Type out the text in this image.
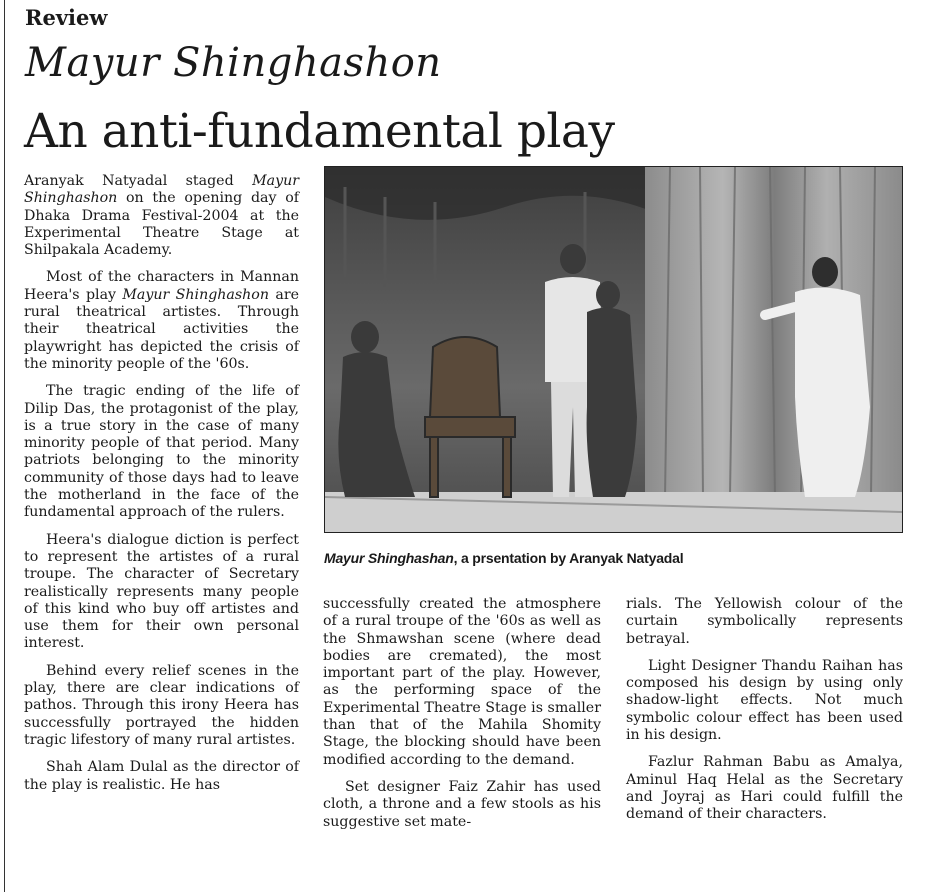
Review
Mayur Shinghashon
An anti-fundamental play

Aranyak Natyadal staged Mayur Shinghashon on the opening day of Dhaka Drama Festival-2004 at the Experimental Theatre Stage at Shilpakala Academy.

Most of the characters in Mannan Heera's play Mayur Shinghashon are rural theatrical artistes. Through their theatrical activities the playwright has depicted the crisis of the minority people of the '60s.

The tragic ending of the life of Dilip Das, the protagonist of the play, is a true story in the case of many minority people of that period. Many patriots belonging to the minority community of those days had to leave the motherland in the face of the fundamental approach of the rulers.

Heera's dialogue diction is perfect to represent the artistes of a rural troupe. The character of Secretary realistically represents many people of this kind who buy off artistes and use them for their own personal interest.

Behind every relief scenes in the play, there are clear indications of pathos. Through this irony Heera has successfully portrayed the hidden tragic lifestory of many rural artistes.

Shah Alam Dulal as the director of the play is realistic. He has

Mayur Shinghashan, a prsentation by Aranyak Natyadal

successfully created the atmosphere of a rural troupe of the '60s as well as the Shmawshan scene (where dead bodies are cremated), the most important part of the play. However, as the performing space of the Experimental Theatre Stage is smaller than that of the Mahila Shomity Stage, the blocking should have been modified according to the demand.

Set designer Faiz Zahir has used cloth, a throne and a few stools as his suggestive set mate-

rials. The Yellowish colour of the curtain symbolically represents betrayal.

Light Designer Thandu Raihan has composed his design by using only shadow-light effects. Not much symbolic colour effect has been used in his design.

Fazlur Rahman Babu as Amalya, Aminul Haq Helal as the Secretary and Joyraj as Hari could fulfill the demand of their characters.
